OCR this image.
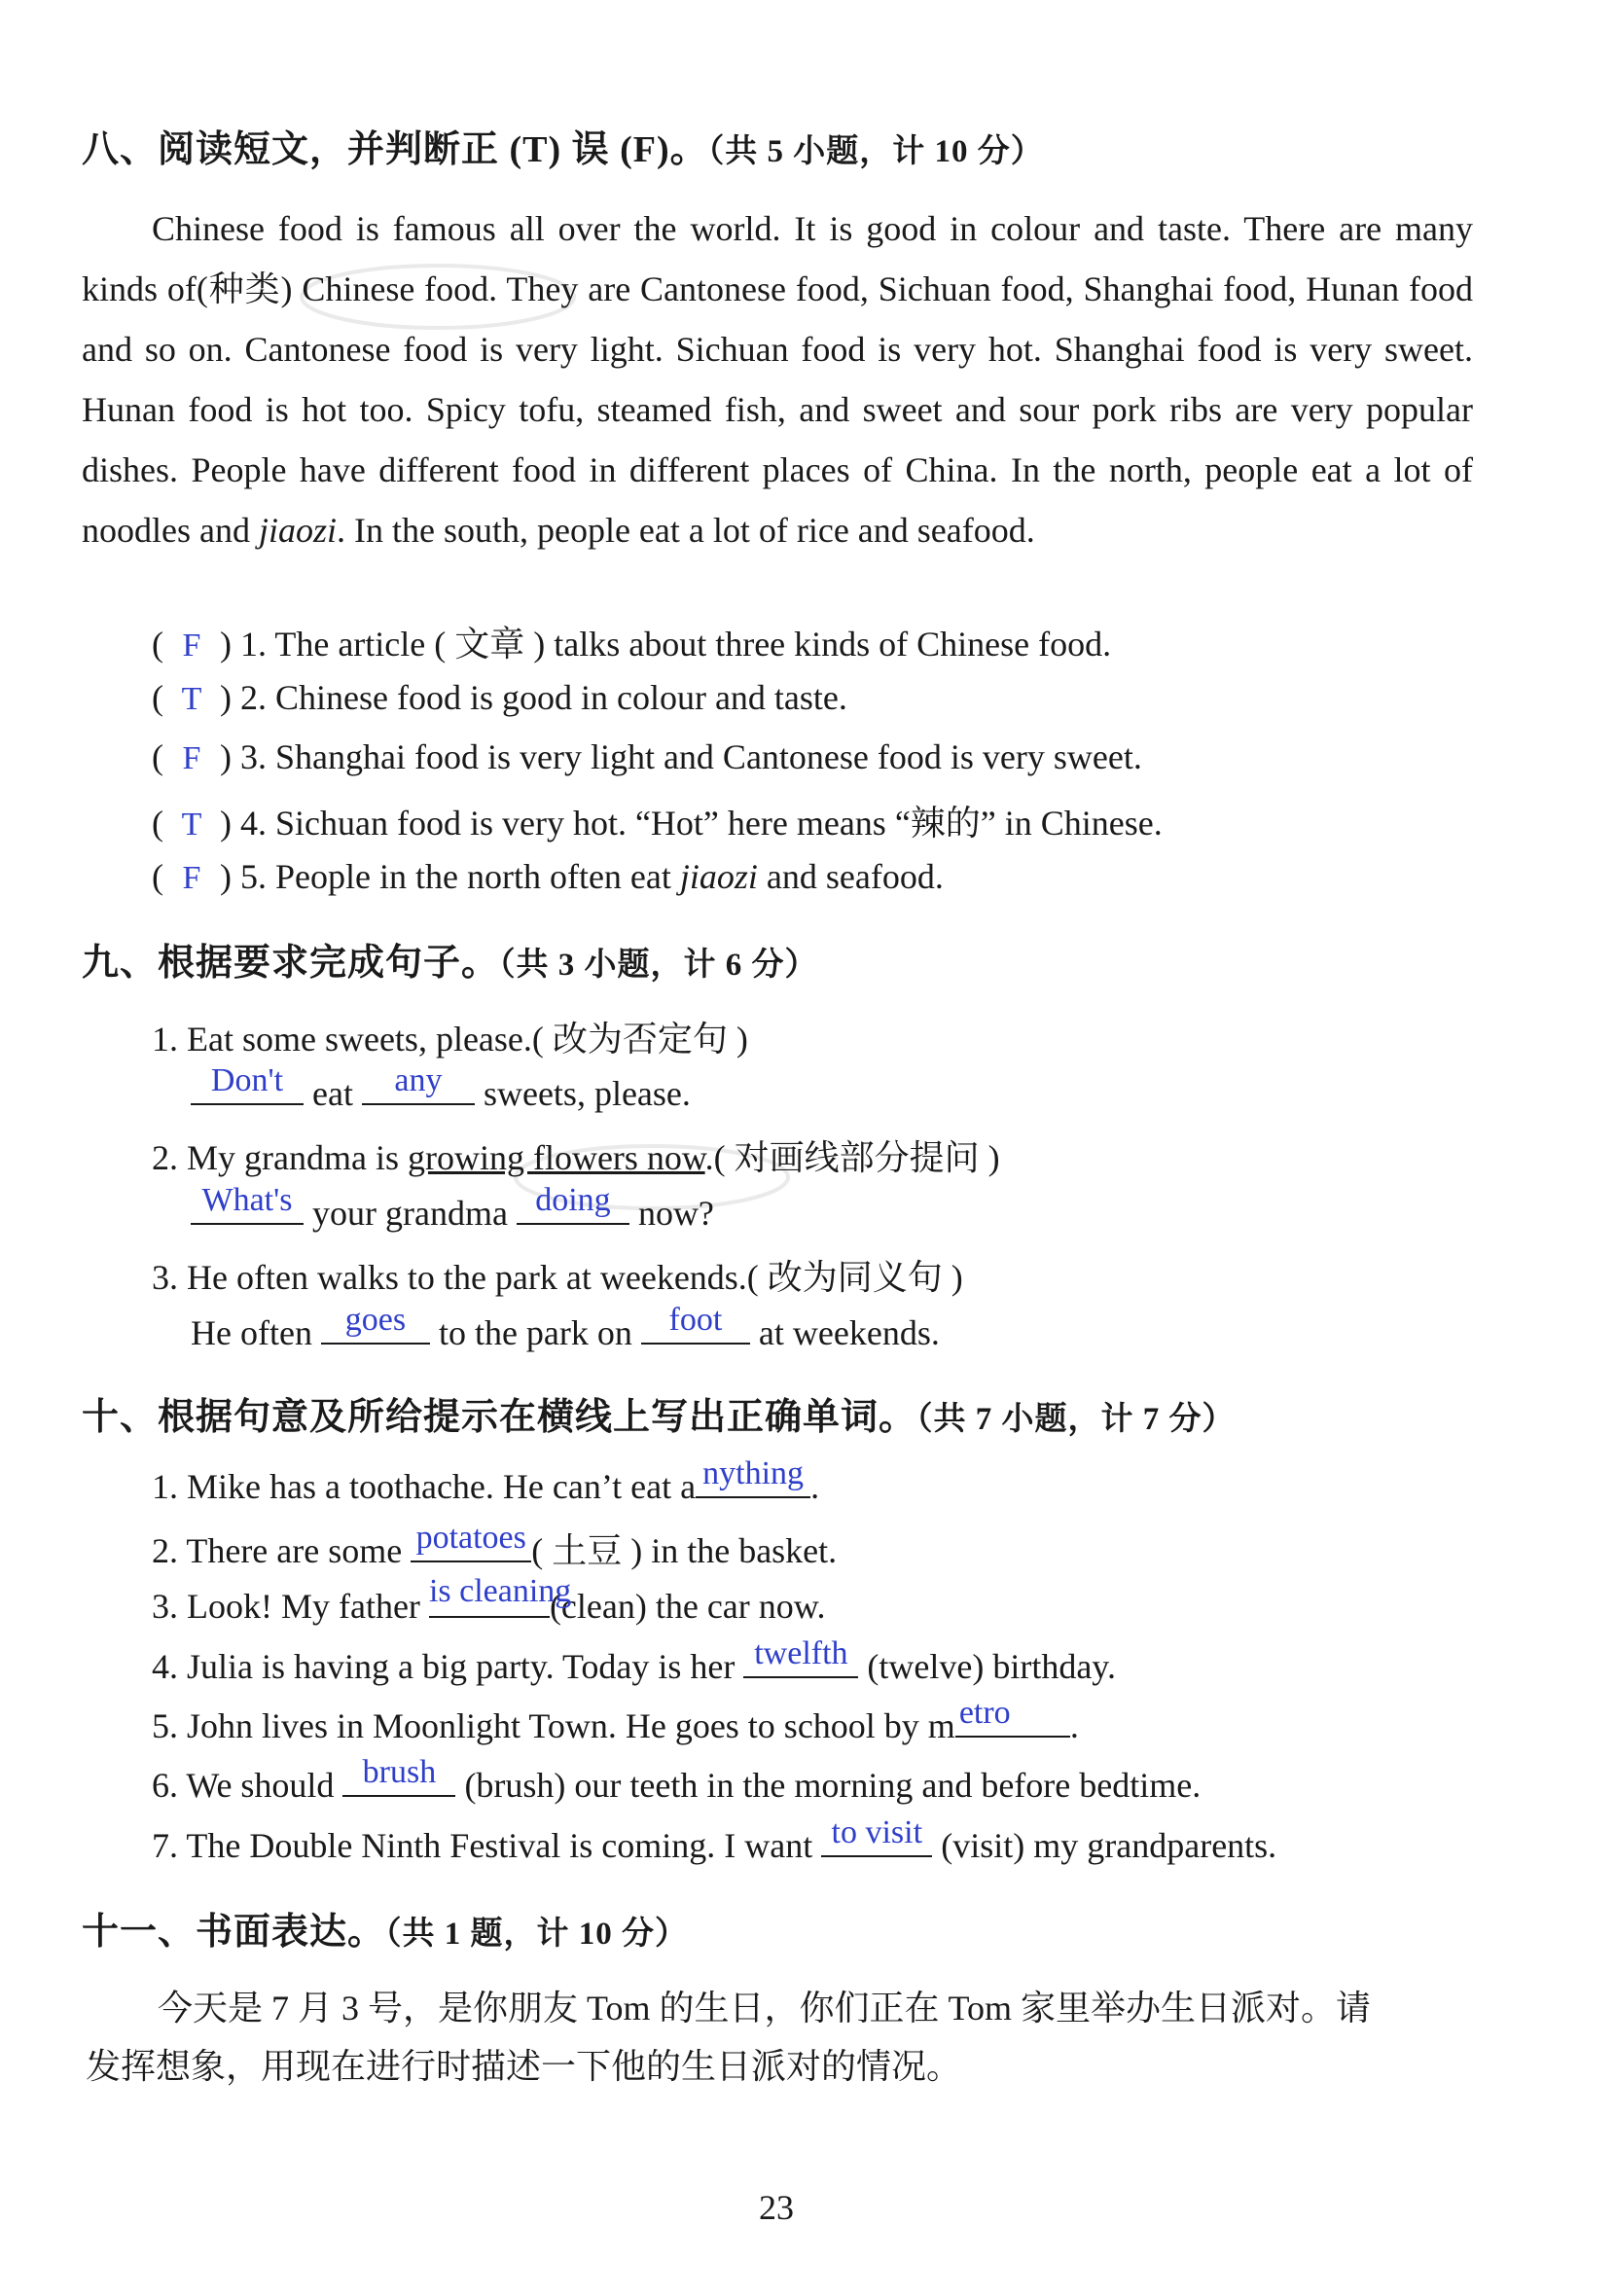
八、阅读短文，并判断正 (T) 误 (F)。（共 5 小题，计 10 分）

Chinese food is famous all over the world. It is good in colour and taste. There are many kinds of(种类) Chinese food. They are Cantonese food, Sichuan food, Shanghai food, Hunan food and so on. Cantonese food is very light. Sichuan food is very hot. Shanghai food is very sweet. Hunan food is hot too. Spicy tofu, steamed fish, and sweet and sour pork ribs are very popular dishes. People have different food in different places of China. In the north, people eat a lot of noodles and jiaozi. In the south, people eat a lot of rice and seafood.

( F ) 1. The article ( 文章 ) talks about three kinds of Chinese food.
( T ) 2. Chinese food is good in colour and taste.
( F ) 3. Shanghai food is very light and Cantonese food is very sweet.
( T ) 4. Sichuan food is very hot. “Hot” here means “辣的” in Chinese.
( F ) 5. People in the north often eat jiaozi and seafood.
九、根据要求完成句子。（共 3 小题，计 6 分）
1. Eat some sweets, please.( 改为否定句 )
Don't eat	any	sweets, please.
2. My grandma is growing flowers now.( 对画线部分提问 )
What's your grandma doing now?
3. He often walks to the park at weekends.( 改为同义句 )
He often goes to the park on	foot	at weekends.
十、根据句意及所给提示在横线上写出正确单词。（共 7 小题，计 7 分）
1. Mike has a toothache. He can’t eat a nything .
2. There are some potatoes ( 土豆 ) in the basket.
3. Look! My father is cleaning
(clean) the car now.
4. Julia is having a big party. Today is her twelfth (twelve) birthday.
5. John lives in Moonlight Town. He goes to school by m etro	.
6. We should brush (brush) our teeth in the morning and before bedtime.
7. The Double Ninth Festival is coming. I want to visit (visit) my grandparents.
十一、书面表达。（共 1 题，计 10 分）
今天是 7 月 3 号，是你朋友 Tom 的生日，你们正在 Tom 家里举办生日派对。请
发挥想象，用现在进行时描述一下他的生日派对的情况。
23
